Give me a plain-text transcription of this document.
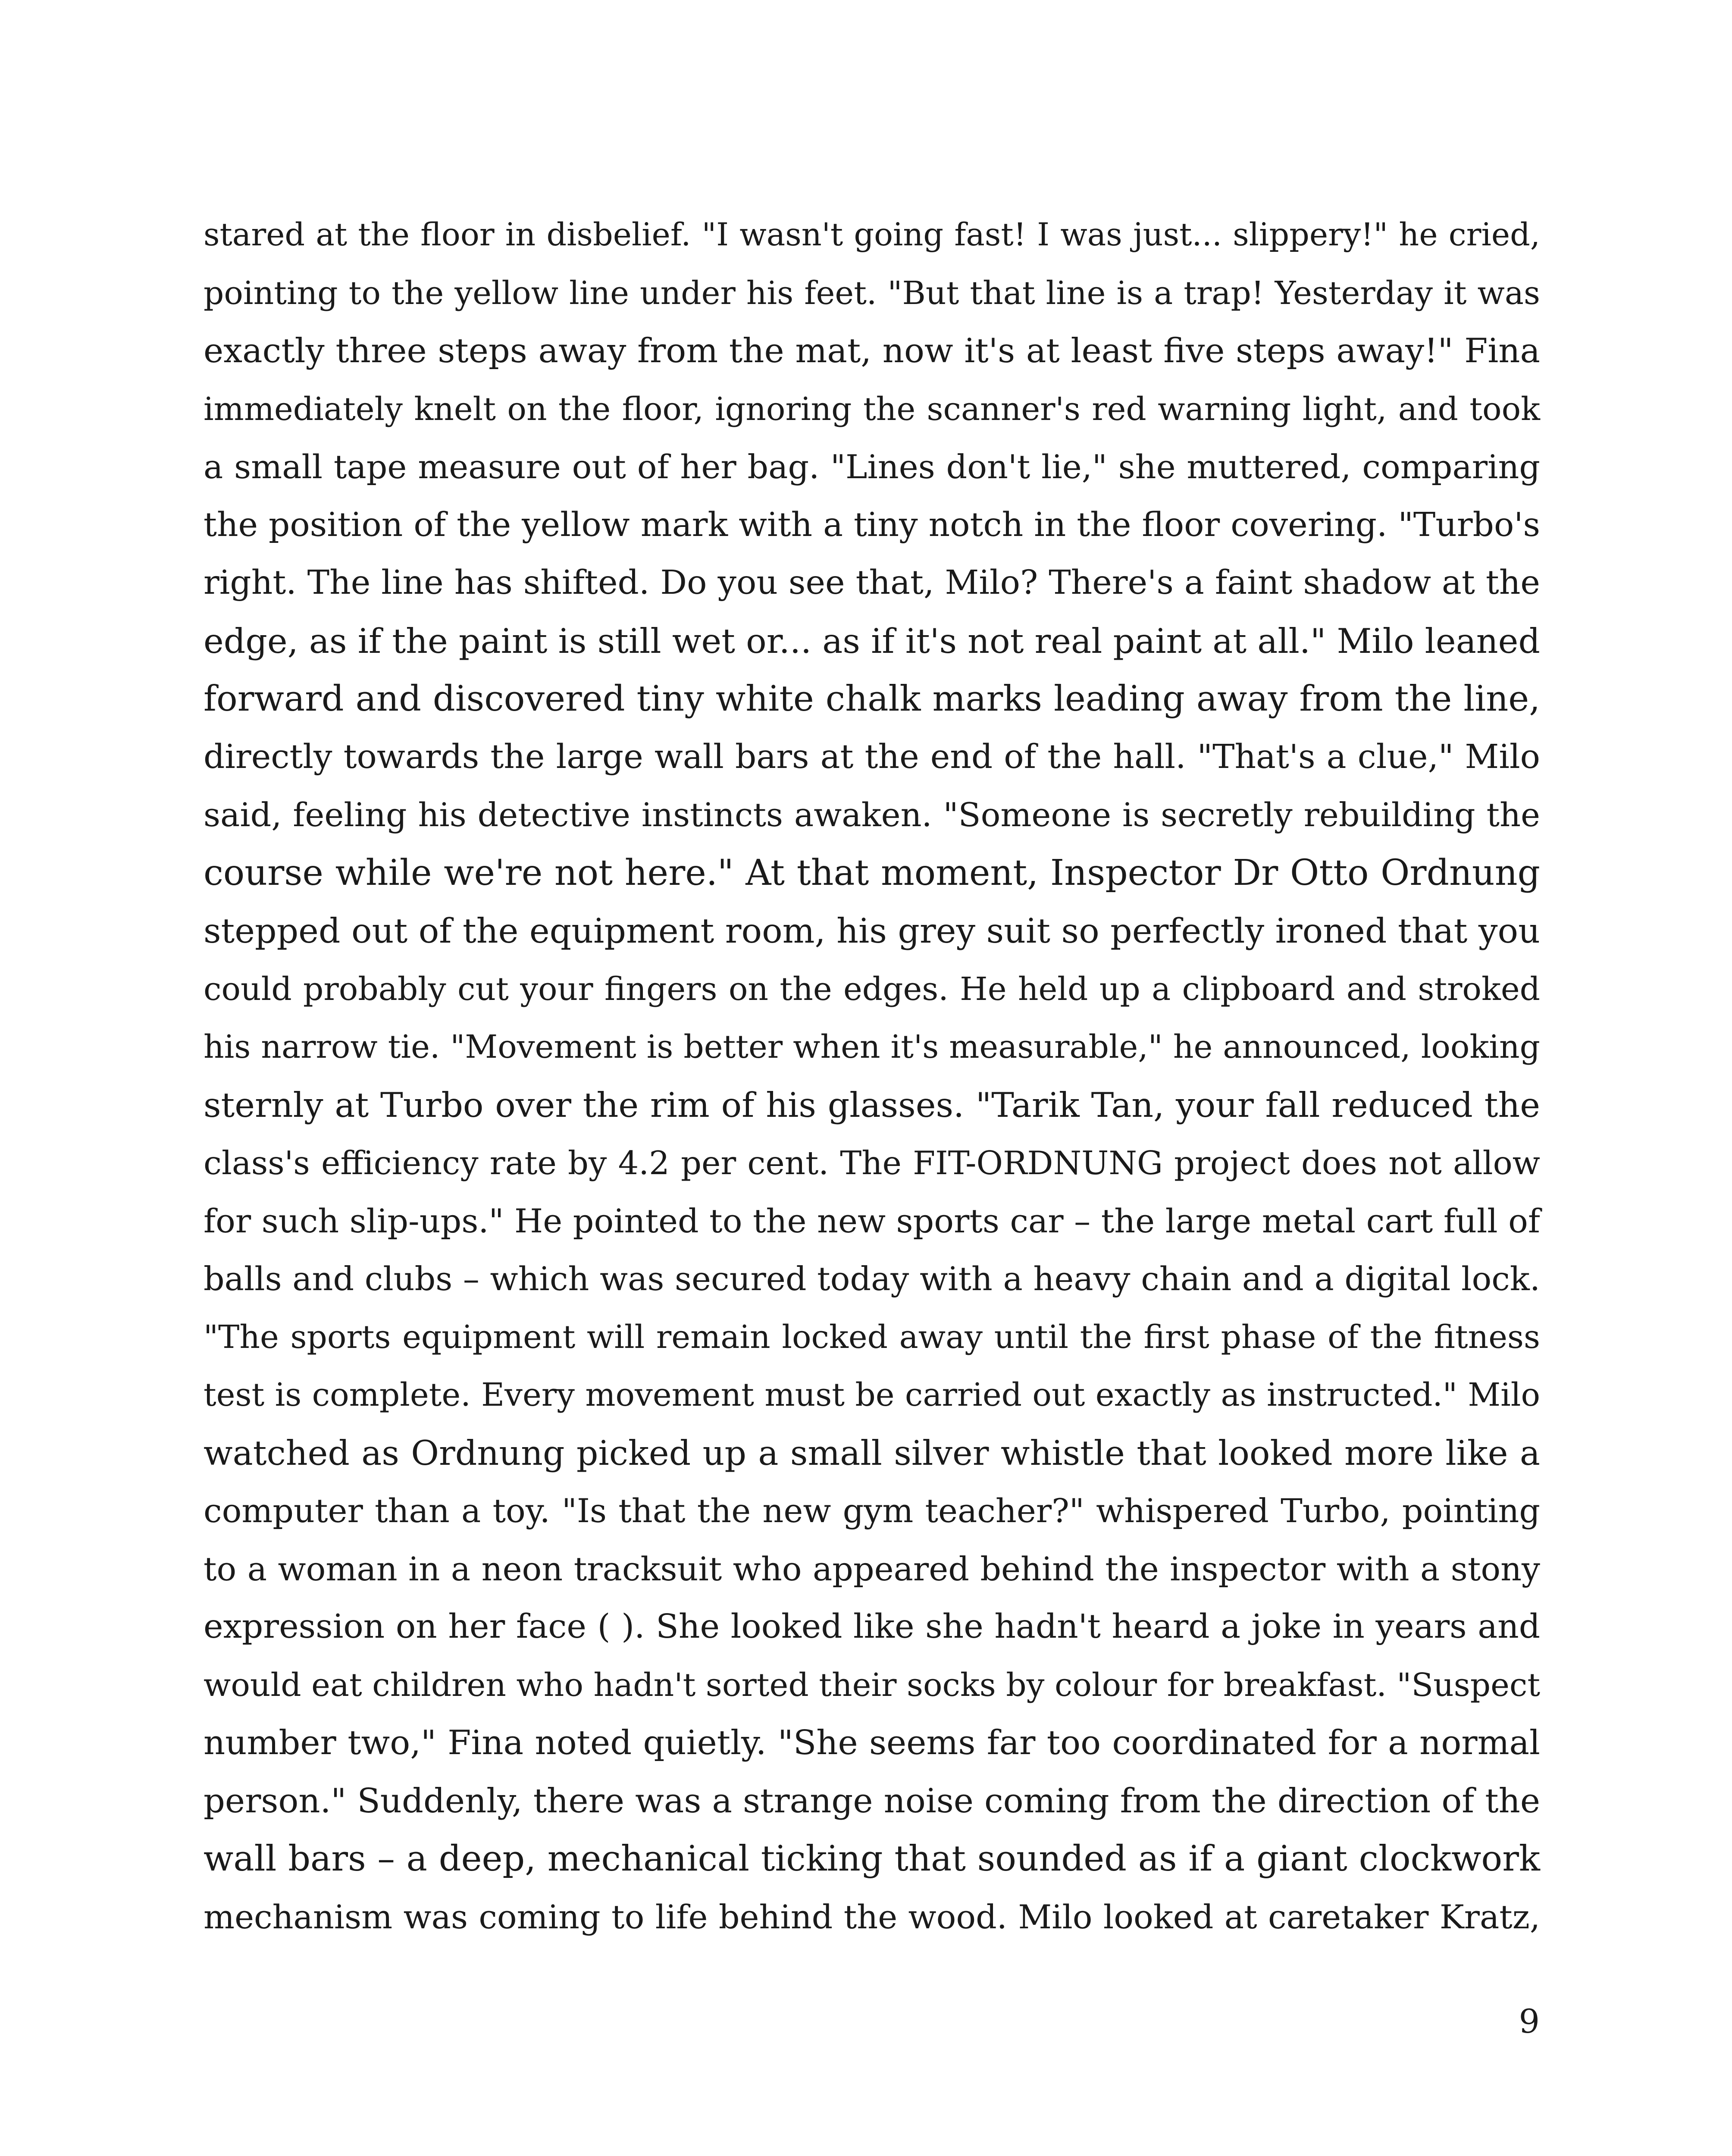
stared at the floor in disbelief. "I wasn't going fast! I was just... slippery!" he cried,
pointing to the yellow line under his feet. "But that line is a trap! Yesterday it was
exactly three steps away from the mat, now it's at least five steps away!" Fina
immediately knelt on the floor, ignoring the scanner's red warning light, and took
a small tape measure out of her bag. "Lines don't lie," she muttered, comparing
the position of the yellow mark with a tiny notch in the floor covering. "Turbo's
right. The line has shifted. Do you see that, Milo? There's a faint shadow at the
edge, as if the paint is still wet or... as if it's not real paint at all." Milo leaned
forward and discovered tiny white chalk marks leading away from the line,
directly towards the large wall bars at the end of the hall. "That's a clue," Milo
said, feeling his detective instincts awaken. "Someone is secretly rebuilding the
course while we're not here." At that moment, Inspector Dr Otto Ordnung
stepped out of the equipment room, his grey suit so perfectly ironed that you
could probably cut your fingers on the edges. He held up a clipboard and stroked
his narrow tie. "Movement is better when it's measurable," he announced, looking
sternly at Turbo over the rim of his glasses. "Tarik Tan, your fall reduced the
class's efficiency rate by 4.2 per cent. The FIT-ORDNUNG project does not allow
for such slip-ups." He pointed to the new sports car – the large metal cart full of
balls and clubs – which was secured today with a heavy chain and a digital lock.
"The sports equipment will remain locked away until the first phase of the fitness
test is complete. Every movement must be carried out exactly as instructed." Milo
watched as Ordnung picked up a small silver whistle that looked more like a
computer than a toy. "Is that the new gym teacher?" whispered Turbo, pointing
to a woman in a neon tracksuit who appeared behind the inspector with a stony
expression on her face ( ). She looked like she hadn't heard a joke in years and
would eat children who hadn't sorted their socks by colour for breakfast. "Suspect
number two," Fina noted quietly. "She seems far too coordinated for a normal
person." Suddenly, there was a strange noise coming from the direction of the
wall bars – a deep, mechanical ticking that sounded as if a giant clockwork
mechanism was coming to life behind the wood. Milo looked at caretaker Kratz,
9
